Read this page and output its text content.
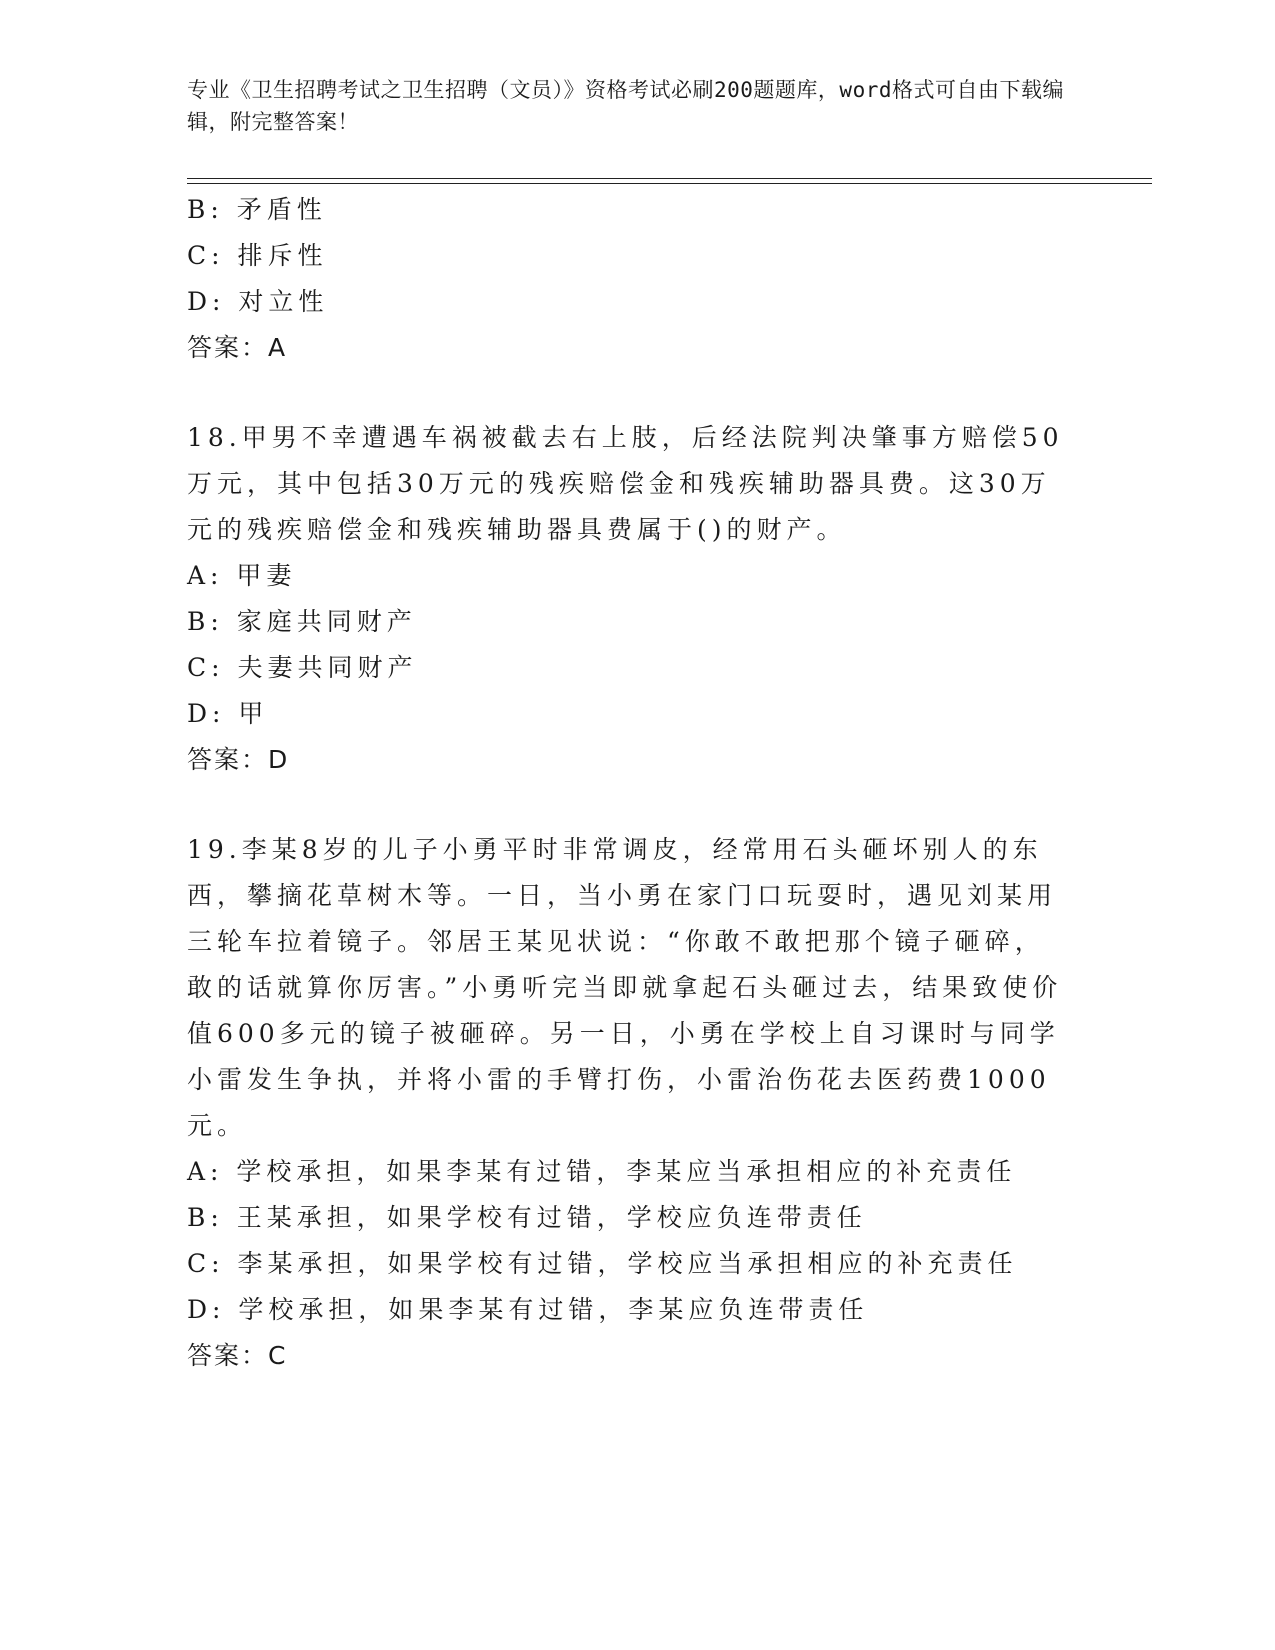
专业《卫生招聘考试之卫生招聘（文员）》资格考试必刷200题题库，word格式可自由下载编辑，附完整答案！

B: 矛盾性

C: 排斥性

D: 对立性

答案：A

18.甲男不幸遭遇车祸被截去右上肢，后经法院判决肇事方赔偿50万元，其中包括30万元的残疾赔偿金和残疾辅助器具费。这30万元的残疾赔偿金和残疾辅助器具费属于()的财产。

A: 甲妻

B: 家庭共同财产

C: 夫妻共同财产

D: 甲

答案：D

19.李某8岁的儿子小勇平时非常调皮，经常用石头砸坏别人的东西，攀摘花草树木等。一日，当小勇在家门口玩耍时，遇见刘某用三轮车拉着镜子。邻居王某见状说：“你敢不敢把那个镜子砸碎，敢的话就算你厉害。”小勇听完当即就拿起石头砸过去，结果致使价值600多元的镜子被砸碎。另一日，小勇在学校上自习课时与同学小雷发生争执，并将小雷的手臂打伤，小雷治伤花去医药费1000元。

A: 学校承担，如果李某有过错，李某应当承担相应的补充责任

B: 王某承担，如果学校有过错，学校应负连带责任

C: 李某承担，如果学校有过错，学校应当承担相应的补充责任

D: 学校承担，如果李某有过错，李某应负连带责任

答案：C
